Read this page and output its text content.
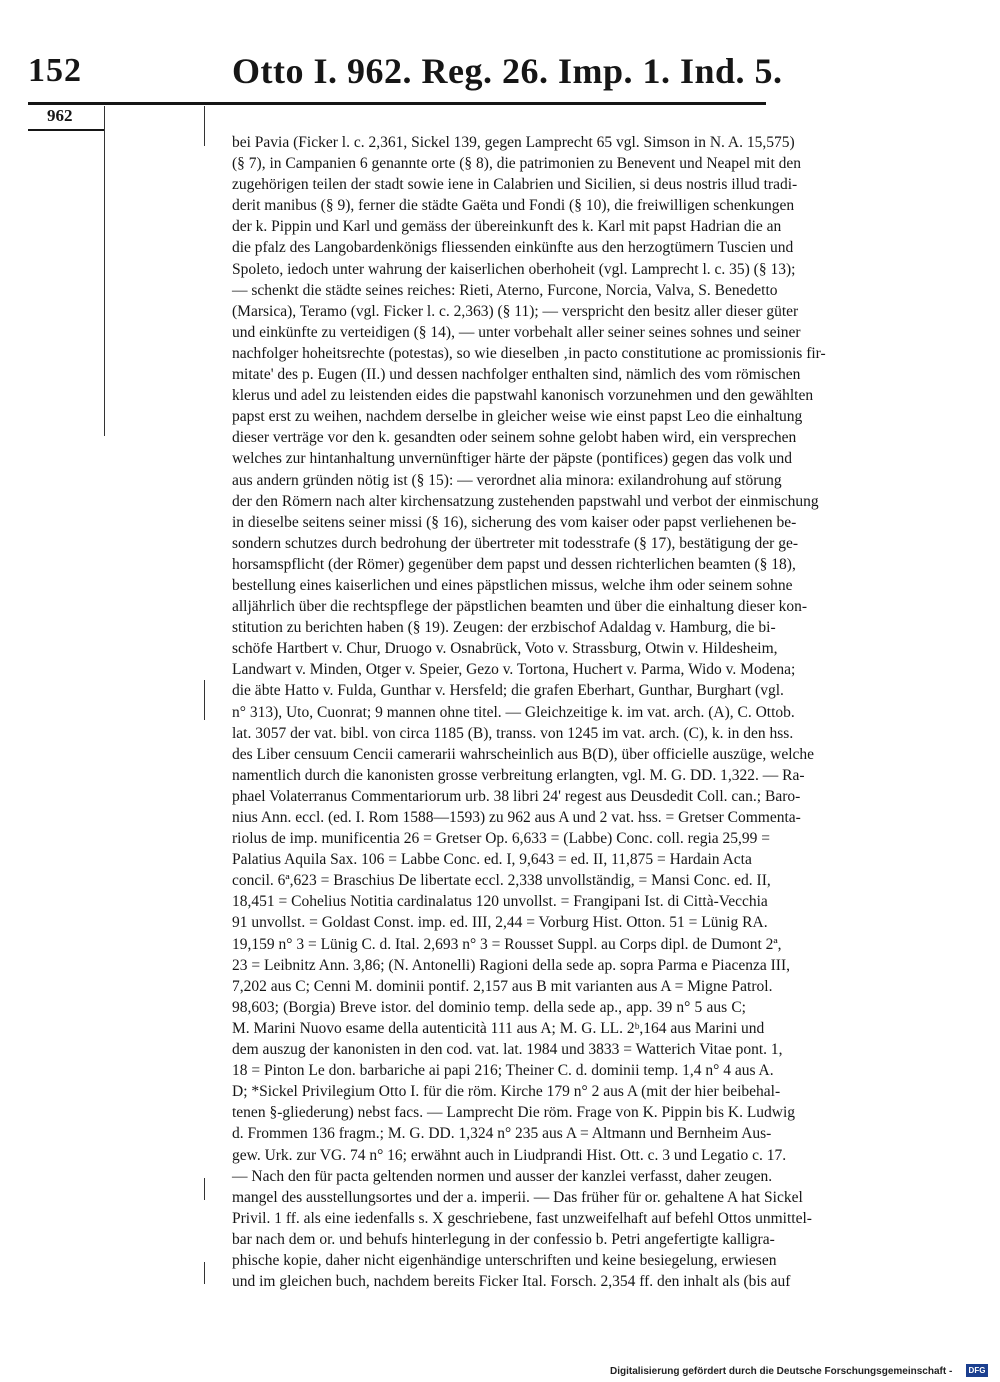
152	Otto I. 962. Reg. 26. Imp. 1. Ind. 5.
962
bei Pavia (Ficker l. c. 2,361, Sickel 139, gegen Lamprecht 65 vgl. Simson in N. A. 15,575)
(§ 7), in Campanien 6 genannte orte (§ 8), die patrimonien zu Benevent und Neapel mit den
zugehörigen teilen der stadt sowie iene in Calabrien und Sicilien, si deus nostris illud tradi-
derit manibus (§ 9), ferner die städte Gaëta und Fondi (§ 10), die freiwilligen schenkungen
der k. Pippin und Karl und gemäss der übereinkunft des k. Karl mit papst Hadrian die an
die pfalz des Langobardenkönigs fliessenden einkünfte aus den herzogtümern Tuscien und
Spoleto, iedoch unter wahrung der kaiserlichen oberhoheit (vgl. Lamprecht l. c. 35) (§ 13);
— schenkt die städte seines reiches: Rieti, Aterno, Furcone, Norcia, Valva, S. Benedetto
(Marsica), Teramo (vgl. Ficker l. c. 2,363) (§ 11); — verspricht den besitz aller dieser güter
und einkünfte zu verteidigen (§ 14), — unter vorbehalt aller seiner seines sohnes und seiner
nachfolger hoheitsrechte (potestas), so wie dieselben ‚in pacto constitutione ac promissionis fir-
mitate' des p. Eugen (II.) und dessen nachfolger enthalten sind, nämlich des vom römischen
klerus und adel zu leistenden eides die papstwahl kanonisch vorzunehmen und den gewählten
papst erst zu weihen, nachdem derselbe in gleicher weise wie einst papst Leo die einhaltung
dieser verträge vor den k. gesandten oder seinem sohne gelobt haben wird, ein versprechen
welches zur hintanhaltung unvernünftiger härte der päpste (pontifices) gegen das volk und
aus andern gründen nötig ist (§ 15): — verordnet alia minora: exilandrohung auf störung
der den Römern nach alter kirchensatzung zustehenden papstwahl und verbot der einmischung
in dieselbe seitens seiner missi (§ 16), sicherung des vom kaiser oder papst verliehenen be-
sondern schutzes durch bedrohung der übertreter mit todesstrafe (§ 17), bestätigung der ge-
horsamspflicht (der Römer) gegenüber dem papst und dessen richterlichen beamten (§ 18),
bestellung eines kaiserlichen und eines päpstlichen missus, welche ihm oder seinem sohne
alljährlich über die rechtspflege der päpstlichen beamten und über die einhaltung dieser kon-
stitution zu berichten haben (§ 19). Zeugen: der erzbischof Adaldag v. Hamburg, die bi-
schöfe Hartbert v. Chur, Druogo v. Osnabrück, Voto v. Strassburg, Otwin v. Hildesheim,
Landwart v. Minden, Otger v. Speier, Gezo v. Tortona, Huchert v. Parma, Wido v. Modena;
die äbte Hatto v. Fulda, Gunthar v. Hersfeld; die grafen Eberhart, Gunthar, Burghart (vgl.
n° 313), Uto, Cuonrat; 9 mannen ohne titel. — Gleichzeitige k. im vat. arch. (A), C. Ottob.
lat. 3057 der vat. bibl. von circa 1185 (B), transs. von 1245 im vat. arch. (C), k. in den hss.
des Liber censuum Cencii camerarii wahrscheinlich aus B(D), über officielle auszüge, welche
namentlich durch die kanonisten grosse verbreitung erlangten, vgl. M. G. DD. 1,322. — Ra-
phael Volaterranus Commentariorum urb. 38 libri 24' regest aus Deusdedit Coll. can.; Baro-
nius Ann. eccl. (ed. I. Rom 1588—1593) zu 962 aus A und 2 vat. hss. = Gretser Commenta-
riolus de imp. munificentia 26 = Gretser Op. 6,633 = (Labbe) Conc. coll. regia 25,99 =
Palatius Aquila Sax. 106 = Labbe Conc. ed. I, 9,643 = ed. II, 11,875 = Hardain Acta
concil. 6ª,623 = Braschius De libertate eccl. 2,338 unvollständig, = Mansi Conc. ed. II,
18,451 = Cohelius Notitia cardinalatus 120 unvollst. = Frangipani Ist. di Città-Vecchia
91 unvollst. = Goldast Const. imp. ed. III, 2,44 = Vorburg Hist. Otton. 51 = Lünig RA.
19,159 n° 3 = Lünig C. d. Ital. 2,693 n° 3 = Rousset Suppl. au Corps dipl. de Dumont 2ª,
23 = Leibnitz Ann. 3,86; (N. Antonelli) Ragioni della sede ap. sopra Parma e Piacenza III,
7,202 aus C; Cenni M. dominii pontif. 2,157 aus B mit varianten aus A = Migne Patrol.
98,603; (Borgia) Breve istor. del dominio temp. della sede ap., app. 39 n° 5 aus C;
M. Marini Nuovo esame della autenticità 111 aus A; M. G. LL. 2ᵇ,164 aus Marini und
dem auszug der kanonisten in den cod. vat. lat. 1984 und 3833 = Watterich Vitae pont. 1,
18 = Pinton Le don. barbariche ai papi 216; Theiner C. d. dominii temp. 1,4 n° 4 aus A.
D; *Sickel Privilegium Otto I. für die röm. Kirche 179 n° 2 aus A (mit der hier beibehal-
tenen §-gliederung) nebst facs. — Lamprecht Die röm. Frage von K. Pippin bis K. Ludwig
d. Frommen 136 fragm.; M. G. DD. 1,324 n° 235 aus A = Altmann und Bernheim Aus-
gew. Urk. zur VG. 74 n° 16; erwähnt auch in Liudprandi Hist. Ott. c. 3 und Legatio c. 17.
— Nach den für pacta geltenden normen und ausser der kanzlei verfasst, daher zeugen.
mangel des ausstellungsortes und der a. imperii. — Das früher für or. gehaltene A hat Sickel
Privil. 1 ff. als eine iedenfalls s. X geschriebene, fast unzweifelhaft auf befehl Ottos unmittel-
bar nach dem or. und behufs hinterlegung in der confessio b. Petri angefertigte kalligra-
phische kopie, daher nicht eigenhändige unterschriften und keine besiegelung, erwiesen
und im gleichen buch, nachdem bereits Ficker Ital. Forsch. 2,354 ff. den inhalt als (bis auf
Digitalisierung gefördert durch die Deutsche Forschungsgemeinschaft -	DFG
